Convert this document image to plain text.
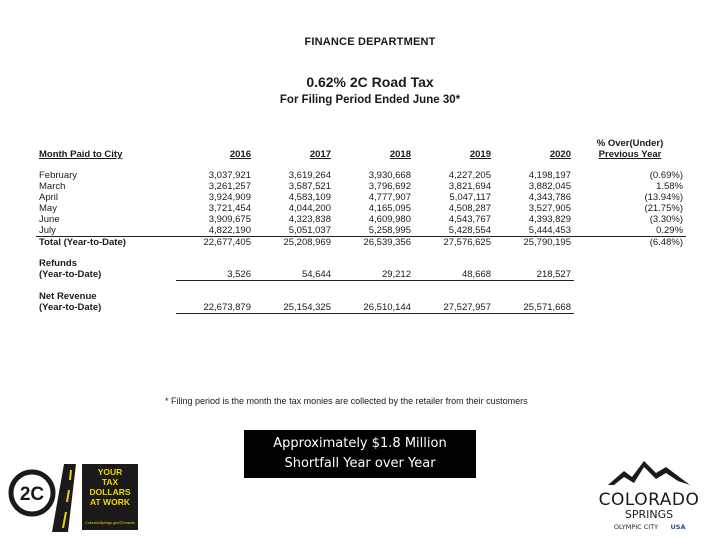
FINANCE DEPARTMENT
0.62% 2C Road Tax
For Filing Period Ended June 30*
Month Paid to City	2016	2017	2018	2019	2020	% Over(Under)
Previous Year

February	3,037,921	3,619,264	3,930,668	4,227,205	4,198,197	(0.69%)
March	3,261,257	3,587,521	3,796,692	3,821,694	3,882,045	1.58%
April	3,924,909	4,583,109	4,777,907	5,047,117	4,343,786	(13.94%)
May	3,721,454	4,044,200	4,165,095	4,508,287	3,527,905	(21.75%)
June	3,909,675	4,323,838	4,609,980	4,543,767	4,393,829	(3.30%)
July	4,822,190	5,051,037	5,258,995	5,428,554	5,444,453	0.29%
Total (Year-to-Date)	22,677,405	25,208,969	26,539,356	27,576,625	25,790,195	(6.48%)

Refunds						
(Year-to-Date)	3,526	54,644	29,212	48,668	218,527	

Net Revenue						
(Year-to-Date)	22,673,879	25,154,325	26,510,144	27,527,957	25,571,668	
* Filing period is the month the tax monies are collected by the retailer from their customers
Approximately $1.8 Million
Shortfall Year over Year
2C
YOUR
TAX
DOLLARS
AT WORK
ColoradoSprings.gov/2Cresults
COLORADO
SPRINGS
OLYMPIC CITY USA
